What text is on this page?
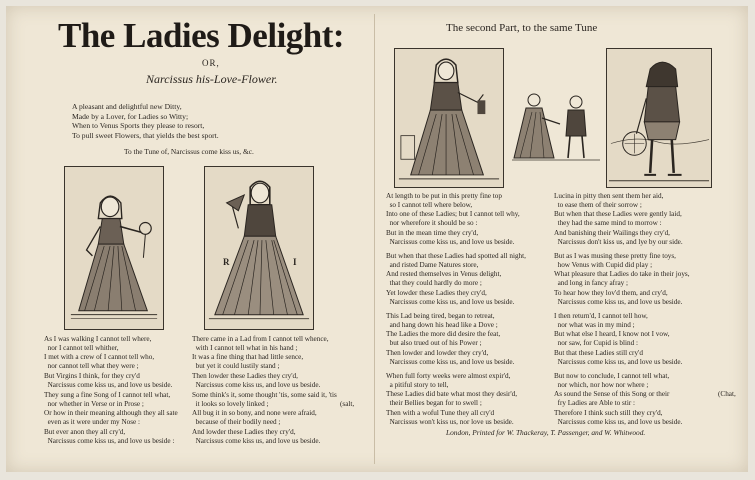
The Ladies Delight:
OR,
Narcissus his-Love-Flower.
A pleasant and delightful new Ditty,
Made by a Lover, for Ladies so Witty;
When to Venus Sports they please to resort,
To pull sweet Flowers, that yields the best sport.
To the Tune of, Narcissus come kiss us, &c.
R	I
As I was walking I cannot tell where,
nor I cannot tell whither,
I met with a crew of I cannot tell who,
nor cannot tell what they were ;
But Virgins I think, for they cry'd
Narcissus come kiss us, and love us beside.
They sung a fine Song of I cannot tell what,
nor whether in Verse or in Prose ;
Or how in their meaning although they all sate
even as it were under my Nose :
But ever anon they all cry'd,
Narcissus come kiss us, and love us beside :
There came in a Lad from I cannot tell whence,
with I cannot tell what in his hand ;
It was a fine thing that had little sence,
but yet it could lustily stand ;
Then lowder these Ladies they cry'd,
Narcissus come kiss us, and love us beside.
Some think's it, some thought 'tis, some said it, 'tis
it looks so lovely linked ;
All bug it in so bony, and none were afraid,
because of their bodily need ;
And lowder these Ladies they cry'd,
Narcissus come kiss us, and love us beside.
(salt,
The second Part, to the same Tune
At length to be put in this pretty fine top
so I cannot tell where below,
Into one of these Ladies; but I cannot tell why,
nor wherefore it should be so :
But in the mean time they cry'd,
Narcissus come kiss us, and love us beside.
But when that these Ladies had spotted all night,
and risted Dame Natures store,
And rested themselves in Venus delight,
that they could hardly do more ;
Yet lowder these Ladies they cry'd,
Narcissus come kiss us, and love us beside.
This Lad being tired, began to retreat,
and hang down his head like a Dove ;
The Ladies the more did desire the feat,
but also trued out of his Power ;
Then lowder and lowder they cry'd,
Narcissus come kiss us, and love us beside.
When full forty weeks were almost expir'd,
a pitiful story to tell,
These Ladies did bate what most they desir'd,
their Bellies began for to swell ;
Then with a woful Tune they all cry'd
Narcissus won't kiss us, nor love us beside.
Lucina in pitty then sent them her aid,
to ease them of their sorrow ;
But when that these Ladies were gently laid,
they had the same mind to morrow :
And banishing their Wailings they cry'd,
Narcissus don't kiss us, and lye by our side.
But as I was musing these pretty fine toys,
how Venus with Cupid did play ;
What pleasure that Ladies do take in their joys,
and long in fancy afray ;
To hear how they lov'd them, and cry'd,
Narcissus come kiss us, and love us beside.
I then return'd, I cannot tell how,
nor what was in my mind ;
But what else I heard, I know not I vow,
nor saw, for Cupid is blind :
But that these Ladies still cry'd
Narcissus come kiss us, and love us beside.
But now to conclude, I cannot tell what,
nor which, nor how nor where ;
As sound the Sense of this Song or their
fry Ladies are Able to stir :
Therefore I think such still they cry'd,
Narcissus come kiss us, and love us beside.
(Chat,
London, Printed for W. Thackeray, T. Passenger, and W. Whitwood.
